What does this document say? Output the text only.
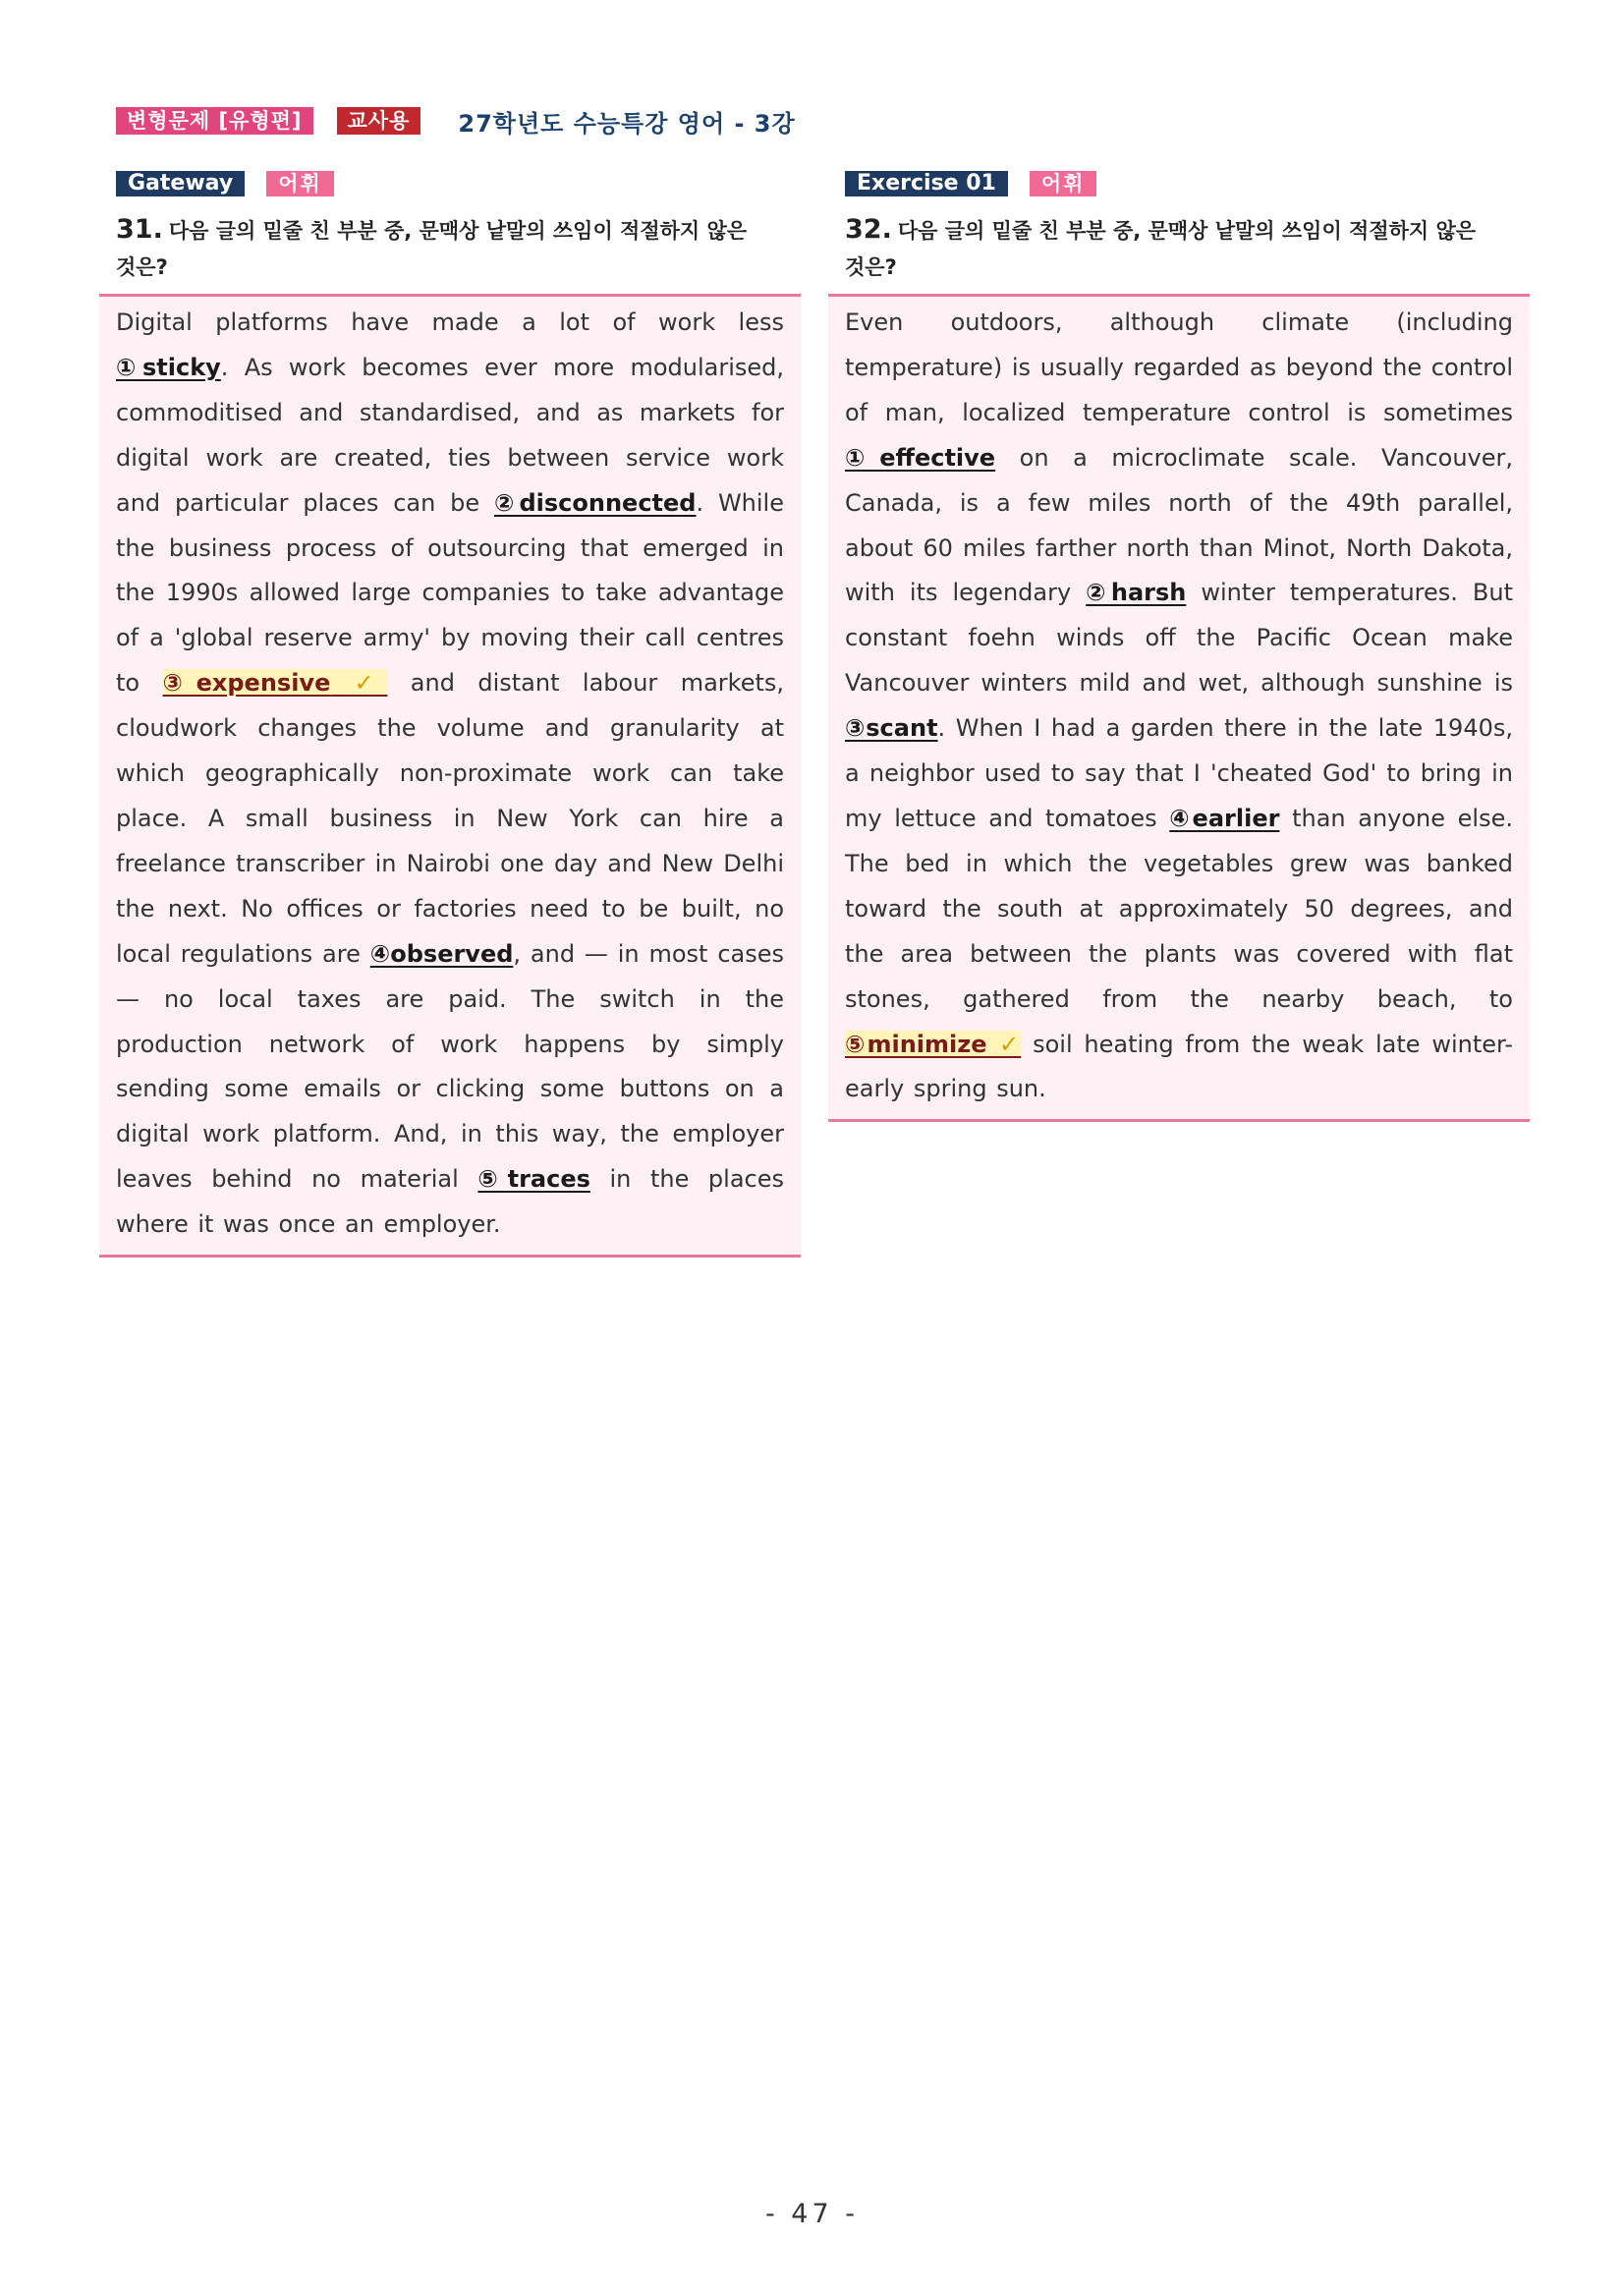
변형문제 [유형편]	교사용	27학년도 수능특강 영어 - 3강
Gateway	어휘
31. 다음 글의 밑줄 친 부분 중, 문맥상 낱말의 쓰임이 적절하지 않은 것은?

Digital platforms have made a lot of work less ①sticky. As work becomes ever more modularised, commoditised and standardised, and as markets for digital work are created, ties between service work and particular places can be ②disconnected. While the business process of outsourcing that emerged in the 1990s allowed large companies to take advantage of a 'global reserve army' by moving their call centres to ③expensive ✓ and distant labour markets, cloudwork changes the volume and granularity at which geographically non-proximate work can take place. A small business in New York can hire a freelance transcriber in Nairobi one day and New Delhi the next. No offices or factories need to be built, no local regulations are ④observed, and — in most cases — no local taxes are paid. The switch in the production network of work happens by simply sending some emails or clicking some buttons on a digital work platform. And, in this way, the employer leaves behind no material ⑤traces in the places where it was once an employer.

Exercise 01	어휘
32. 다음 글의 밑줄 친 부분 중, 문맥상 낱말의 쓰임이 적절하지 않은 것은?

Even outdoors, although climate (including temperature) is usually regarded as beyond the control of man, localized temperature control is sometimes ①effective on a microclimate scale. Vancouver, Canada, is a few miles north of the 49th parallel, about 60 miles farther north than Minot, North Dakota, with its legendary ②harsh winter temperatures. But constant foehn winds off the Pacific Ocean make Vancouver winters mild and wet, although sunshine is ③scant. When I had a garden there in the late 1940s, a neighbor used to say that I 'cheated God' to bring in my lettuce and tomatoes ④earlier than anyone else. The bed in which the vegetables grew was banked toward the south at approximately 50 degrees, and the area between the plants was covered with flat stones, gathered from the nearby beach, to ⑤minimize ✓ soil heating from the weak late winter- early spring sun.

- 47 -
